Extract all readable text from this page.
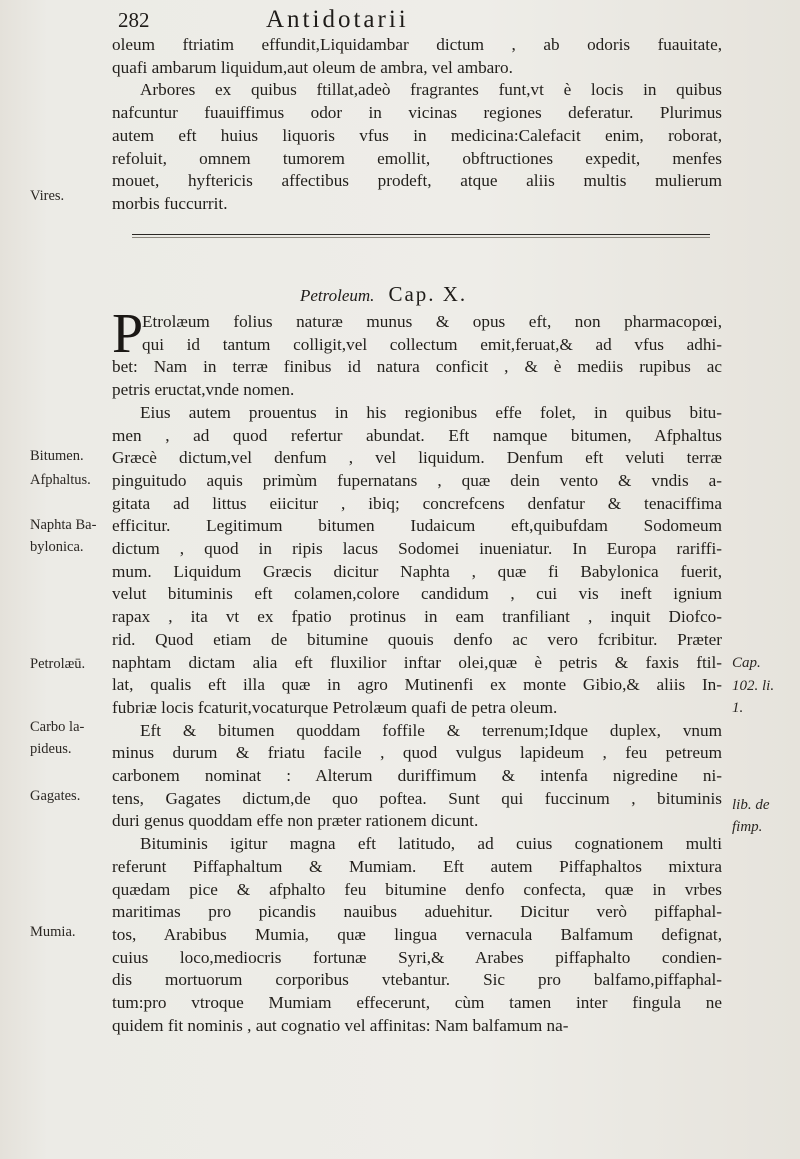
282	Antidotarii
oleum ftriatim effundit,Liquidambar dictum , ab odoris fuauitate,
quafi ambarum liquidum,aut oleum de ambra, vel ambaro.
Arbores ex quibus ftillat,adeò fragrantes funt,vt è locis in quibus
nafcuntur fuauiffimus odor in vicinas regiones deferatur. Plurimus
autem eft huius liquoris vfus in medicina:Calefacit enim, roborat,
refoluit, omnem tumorem emollit, obftructiones expedit, menfes
mouet, hyftericis affectibus prodeft, atque aliis multis mulierum
morbis fuccurrit.
Petroleum. Cap. X.
P
Etrolæum folius naturæ munus & opus eft, non pharmacopœi,
qui id tantum colligit,vel collectum emit,feruat,& ad vfus adhi-
bet: Nam in terræ finibus id natura conficit , & è mediis rupibus ac
petris eructat,vnde nomen.
Eius autem prouentus in his regionibus effe folet, in quibus bitu-
men , ad quod refertur abundat. Eft namque bitumen, Afphaltus
Græcè dictum,vel denfum , vel liquidum. Denfum eft veluti terræ
pinguitudo aquis primùm fupernatans , quæ dein vento & vndis a-
gitata ad littus eiicitur , ibiq; concrefcens denfatur & tenaciffima
efficitur. Legitimum bitumen Iudaicum eft,quibufdam Sodomeum
dictum , quod in ripis lacus Sodomei inueniatur. In Europa rariffi-
mum. Liquidum Græcis dicitur Naphta , quæ fi Babylonica fuerit,
velut bituminis eft colamen,colore candidum , cui vis ineft ignium
rapax , ita vt ex fpatio protinus in eam tranfiliant , inquit Diofco-
rid. Quod etiam de bitumine quouis denfo ac vero fcribitur. Præter
naphtam dictam alia eft fluxilior inftar olei,quæ è petris & faxis ftil-
lat, qualis eft illa quæ in agro Mutinenfi ex monte Gibio,& aliis In-
fubriæ locis fcaturit,vocaturque Petrolæum quafi de petra oleum.
Eft & bitumen quoddam foffile & terrenum;Idque duplex, vnum
minus durum & friatu facile , quod vulgus lapideum , feu petreum
carbonem nominat : Alterum duriffimum & intenfa nigredine ni-
tens, Gagates dictum,de quo poftea. Sunt qui fuccinum , bituminis
duri genus quoddam effe non præter rationem dicunt.
Bituminis igitur magna eft latitudo, ad cuius cognationem multi
referunt Piffaphaltum & Mumiam. Eft autem Piffaphaltos mixtura
quædam pice & afphalto feu bitumine denfo confecta, quæ in vrbes
maritimas pro picandis nauibus aduehitur. Dicitur verò piffaphal-
tos, Arabibus Mumia, quæ lingua vernacula Balfamum defignat,
cuius loco,mediocris fortunæ Syri,& Arabes piffaphalto condien-
dis mortuorum corporibus vtebantur. Sic pro balfamo,piffaphal-
tum:pro vtroque Mumiam effecerunt, cùm tamen inter fingula ne
quidem fit nominis , aut cognatio vel affinitas: Nam balfamum na-
Vires.
Bitumen.
Afphaltus.
Naphta Ba-
bylonica.
Petrolæū.
Carbo la-
pideus.
Gagates.
Mumia.
Cap.
102. li.
1.
lib. de
fimp.
